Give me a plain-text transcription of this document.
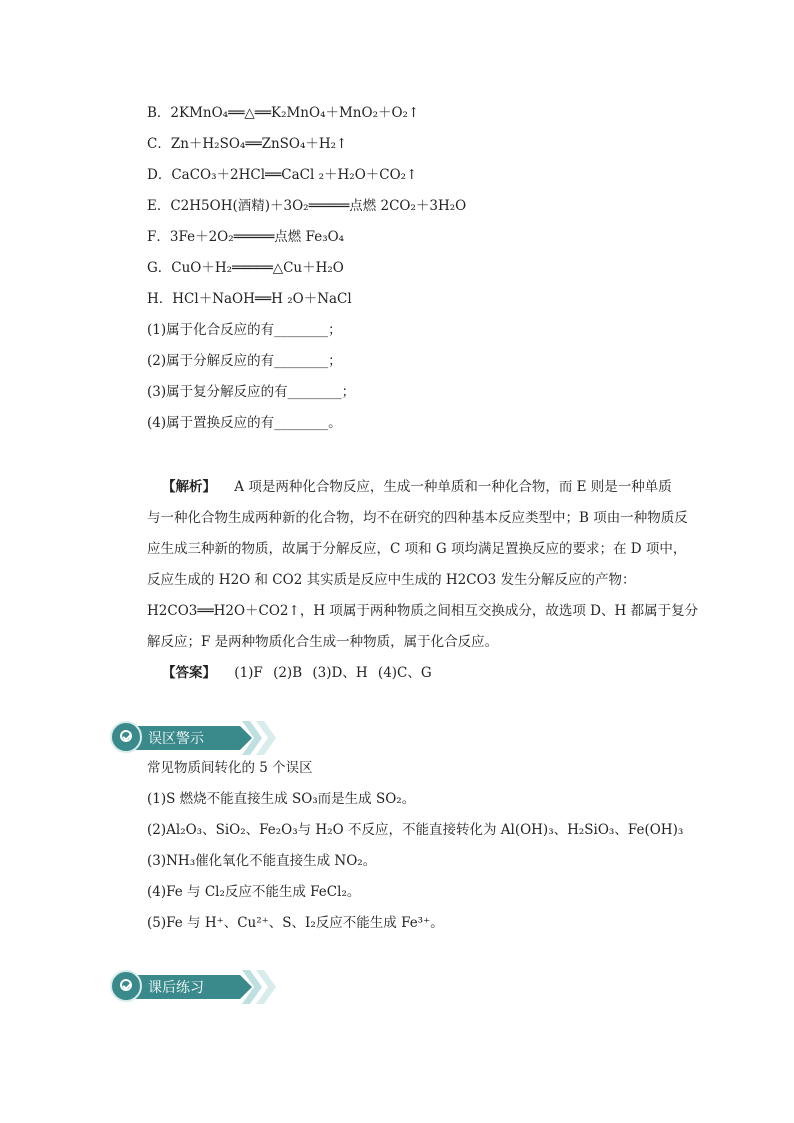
B．2KMnO₄══△══K₂MnO₄＋MnO₂＋O₂↑
C．Zn＋H₂SO₄══ZnSO₄＋H₂↑
D．CaCO₃＋2HCl══CaCl ₂＋H₂O＋CO₂↑
E．C2H5OH(酒精)＋3O₂═════点燃 2CO₂＋3H₂O
F．3Fe＋2O₂═════点燃 Fe₃O₄
G．CuO＋H₂═════△Cu＋H₂O
H．HCl＋NaOH══H ₂O＋NaCl
(1)属于化合反应的有________；
(2)属于分解反应的有________；
(3)属于复分解反应的有________；
(4)属于置换反应的有________。
【解析】 A 项是两种化合物反应，生成一种单质和一种化合物，而 E 则是一种单质
与一种化合物生成两种新的化合物，均不在研究的四种基本反应类型中；B 项由一种物质反
应生成三种新的物质，故属于分解反应，C 项和 G 项均满足置换反应的要求；在 D 项中，
反应生成的 H2O 和 CO2 其实质是反应中生成的 H2CO3 发生分解反应的产物：
H2CO3══H2O＋CO2↑，H 项属于两种物质之间相互交换成分，故选项 D、H 都属于复分
解反应；F 是两种物质化合生成一种物质，属于化合反应。
【答案】 (1)F (2)B (3)D、H (4)C、G
误区警示
常见物质间转化的 5 个误区
(1)S 燃烧不能直接生成 SO₃而是生成 SO₂。
(2)Al₂O₃、SiO₂、Fe₂O₃与 H₂O 不反应，不能直接转化为 Al(OH)₃、H₂SiO₃、Fe(OH)₃
(3)NH₃催化氧化不能直接生成 NO₂。
(4)Fe 与 Cl₂反应不能生成 FeCl₂。
(5)Fe 与 H⁺、Cu²⁺、S、I₂反应不能生成 Fe³⁺。
课后练习
